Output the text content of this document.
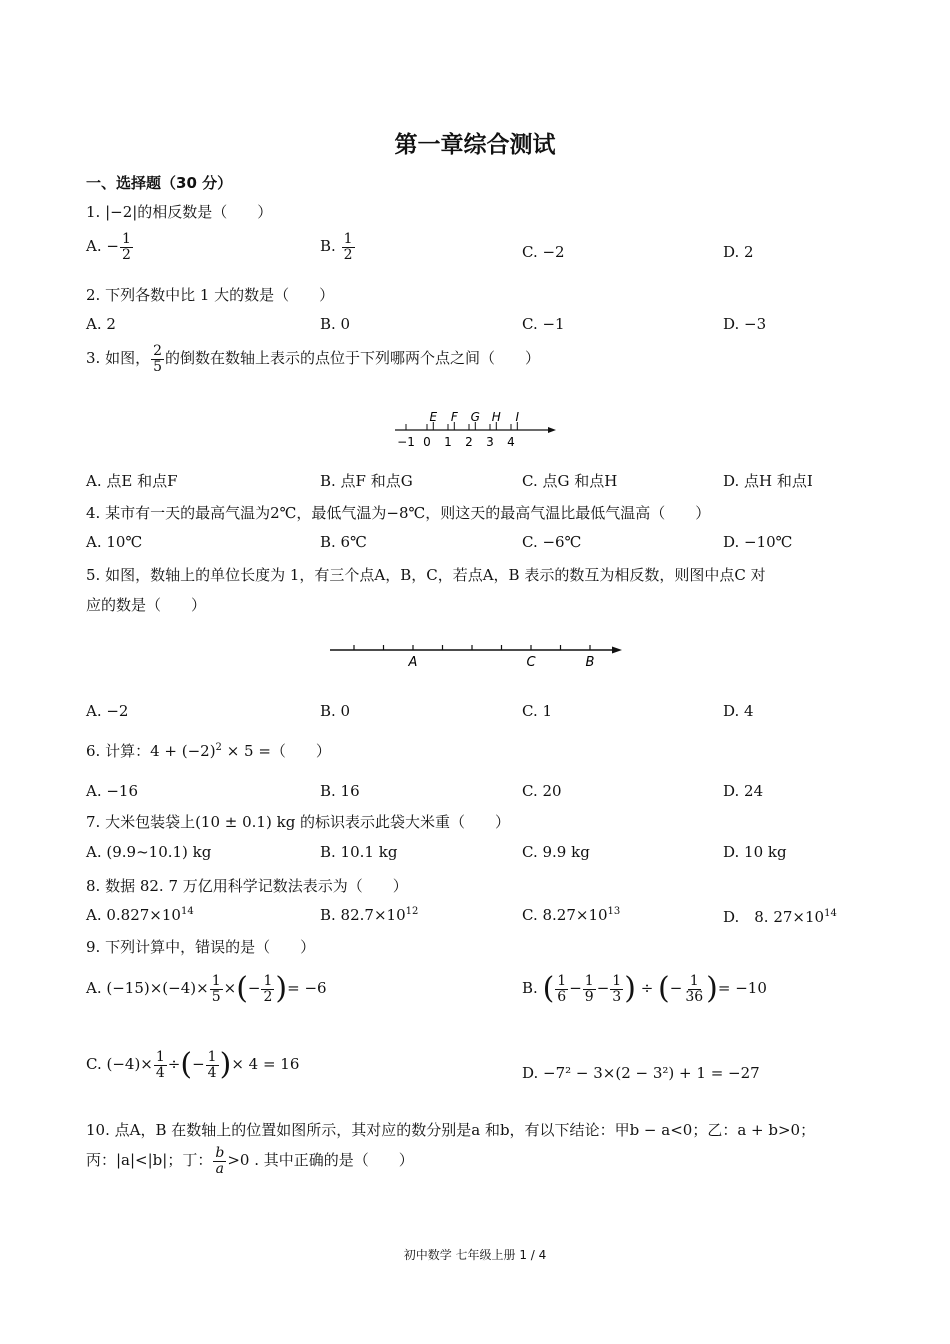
第一章综合测试
一、选择题（30 分）
1. |−2|的相反数是（　　）
A. − $\frac{1}{2}$	B. $\frac{1}{2}$	C. −2	D. 2
2. 下列各数中比 1 大的数是（　　）
A. 2	B. 0	C. −1	D. −3
3. 如图， $\frac{2}{5}$ 的倒数在数轴上表示的点位于下列哪两个点之间（　　）
−1 0 1 2 3 4
E F G H I
A. 点E 和点F	B. 点F 和点G	C. 点G 和点H	D. 点H 和点I
4. 某市有一天的最高气温为2℃，最低气温为−8℃，则这天的最高气温比最低气温高（　　）
A. 10℃	B. 6℃	C. −6℃	D. −10℃
5. 如图，数轴上的单位长度为 1，有三个点A，B，C，若点A，B 表示的数互为相反数，则图中点C 对
应的数是（　　）
A	C	B
A. −2	B. 0	C. 1	D. 4
6. 计算：$4 + (-2)^2 \times 5$ =（　　）
A. −16	B. 16	C. 20	D. 24
7. 大米包装袋上(10 ± 0.1) kg 的标识表示此袋大米重（　　）
A. (9.9~10.1) kg	B. 10.1 kg	C. 9.9 kg	D. 10 kg
8. 数据 82. 7 万亿用科学记数法表示为（　　）
A. $0.827\times 10^{14}$	B. $82.7\times 10^{12}$	C. $8.27\times 10^{13}$	D.　8. $27\times 10^{14}$
9. 下列计算中，错误的是（　　）
A. $(-15)\times(-4)\times \frac{1}{5}$ ×(− $\frac{1}{2}$ )= −6	B. ( $\frac{1}{6} - \frac{1}{9} - \frac{1}{3}$ ) ÷ (− $\frac{1}{36}$ )= −10
C. $(-4)\times \frac{1}{4}$ ÷(− $\frac{1}{4}$ )× 4 = 16	D. −7² − 3×(2 − 3²) + 1 = −27
10. 点A，B 在数轴上的位置如图所示，其对应的数分别是a 和b，有以下结论：甲b − a<0；乙：a + b>0；
丙：|a|<|b|；丁： $\frac{b}{a} >0$ . 其中正确的是（　　）
初中数学 七年级上册 1 / 4
